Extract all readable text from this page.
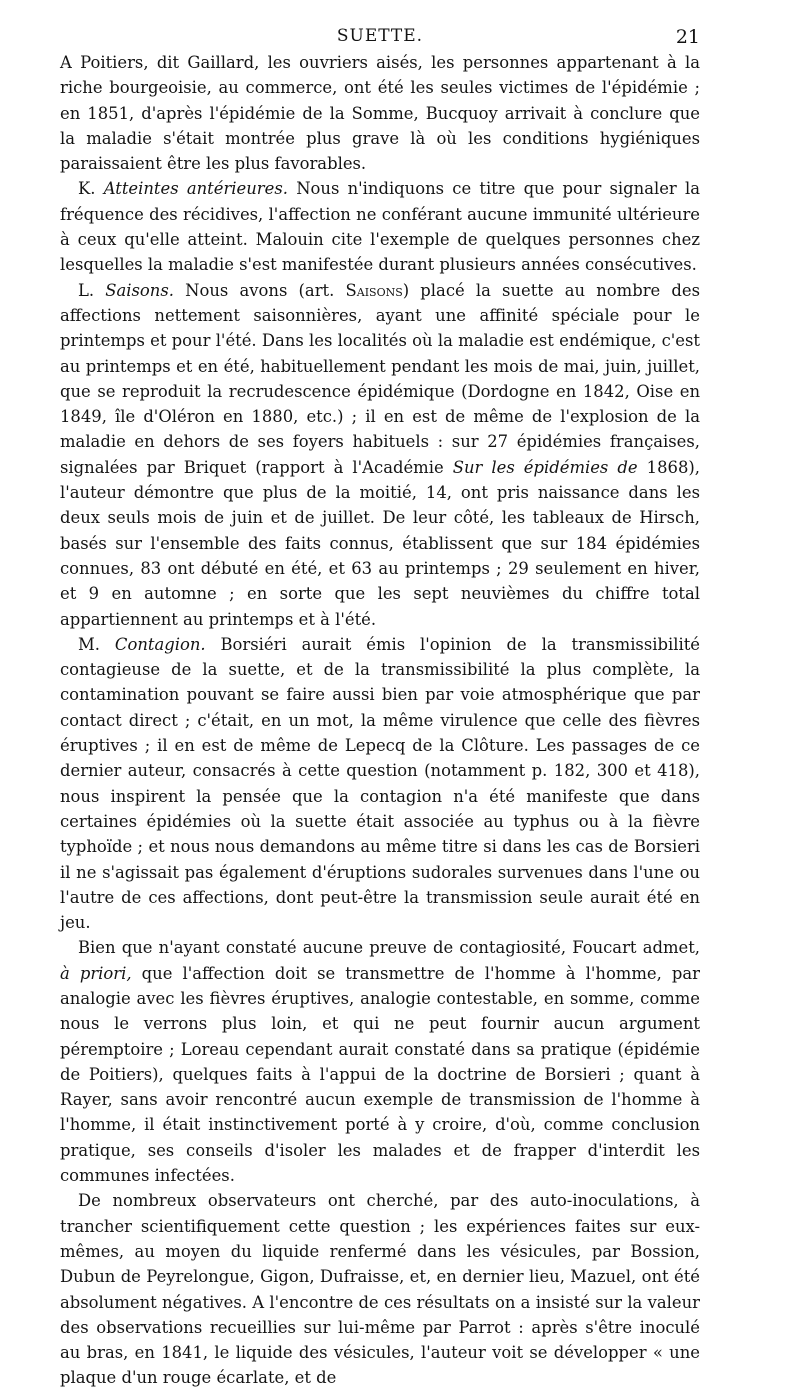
SUETTE.	21

A Poitiers, dit Gaillard, les ouvriers aisés, les personnes appartenant à la riche bourgeoisie, au commerce, ont été les seules victimes de l'épidémie ; en 1851, d'après l'épidémie de la Somme, Bucquoy arrivait à conclure que la maladie s'était montrée plus grave là où les conditions hygiéniques paraissaient être les plus favorables.

K. Atteintes antérieures. Nous n'indiquons ce titre que pour signaler la fréquence des récidives, l'affection ne conférant aucune immunité ultérieure à ceux qu'elle atteint. Malouin cite l'exemple de quelques personnes chez lesquelles la maladie s'est manifestée durant plusieurs années consécutives.

L. Saisons. Nous avons (art. Saisons) placé la suette au nombre des affections nettement saisonnières, ayant une affinité spéciale pour le printemps et pour l'été. Dans les localités où la maladie est endémique, c'est au printemps et en été, habituellement pendant les mois de mai, juin, juillet, que se reproduit la recrudescence épidémique (Dordogne en 1842, Oise en 1849, île d'Oléron en 1880, etc.) ; il en est de même de l'explosion de la maladie en dehors de ses foyers habituels : sur 27 épidémies françaises, signalées par Briquet (rapport à l'Académie Sur les épidémies de 1868), l'auteur démontre que plus de la moitié, 14, ont pris naissance dans les deux seuls mois de juin et de juillet. De leur côté, les tableaux de Hirsch, basés sur l'ensemble des faits connus, établissent que sur 184 épidémies connues, 83 ont débuté en été, et 63 au printemps ; 29 seulement en hiver, et 9 en automne ; en sorte que les sept neuvièmes du chiffre total appartiennent au printemps et à l'été.

M. Contagion. Borsiéri aurait émis l'opinion de la transmissibilité contagieuse de la suette, et de la transmissibilité la plus complète, la contamination pouvant se faire aussi bien par voie atmosphérique que par contact direct ; c'était, en un mot, la même virulence que celle des fièvres éruptives ; il en est de même de Lepecq de la Clôture. Les passages de ce dernier auteur, consacrés à cette question (notamment p. 182, 300 et 418), nous inspirent la pensée que la contagion n'a été manifeste que dans certaines épidémies où la suette était associée au typhus ou à la fièvre typhoïde ; et nous nous demandons au même titre si dans les cas de Borsieri il ne s'agissait pas également d'éruptions sudorales survenues dans l'une ou l'autre de ces affections, dont peut-être la transmission seule aurait été en jeu.

Bien que n'ayant constaté aucune preuve de contagiosité, Foucart admet, à priori, que l'affection doit se transmettre de l'homme à l'homme, par analogie avec les fièvres éruptives, analogie contestable, en somme, comme nous le verrons plus loin, et qui ne peut fournir aucun argument péremptoire ; Loreau cependant aurait constaté dans sa pratique (épidémie de Poitiers), quelques faits à l'appui de la doctrine de Borsieri ; quant à Rayer, sans avoir rencontré aucun exemple de transmission de l'homme à l'homme, il était instinctivement porté à y croire, d'où, comme conclusion pratique, ses conseils d'isoler les malades et de frapper d'interdit les communes infectées.

De nombreux observateurs ont cherché, par des auto-inoculations, à trancher scientifiquement cette question ; les expériences faites sur eux-mêmes, au moyen du liquide renfermé dans les vésicules, par Bossion, Dubun de Peyrelongue, Gigon, Dufraisse, et, en dernier lieu, Mazuel, ont été absolument négatives. A l'encontre de ces résultats on a insisté sur la valeur des observations recueillies sur lui-même par Parrot : après s'être inoculé au bras, en 1841, le liquide des vésicules, l'auteur voit se développer « une plaque d'un rouge écarlate, et de
